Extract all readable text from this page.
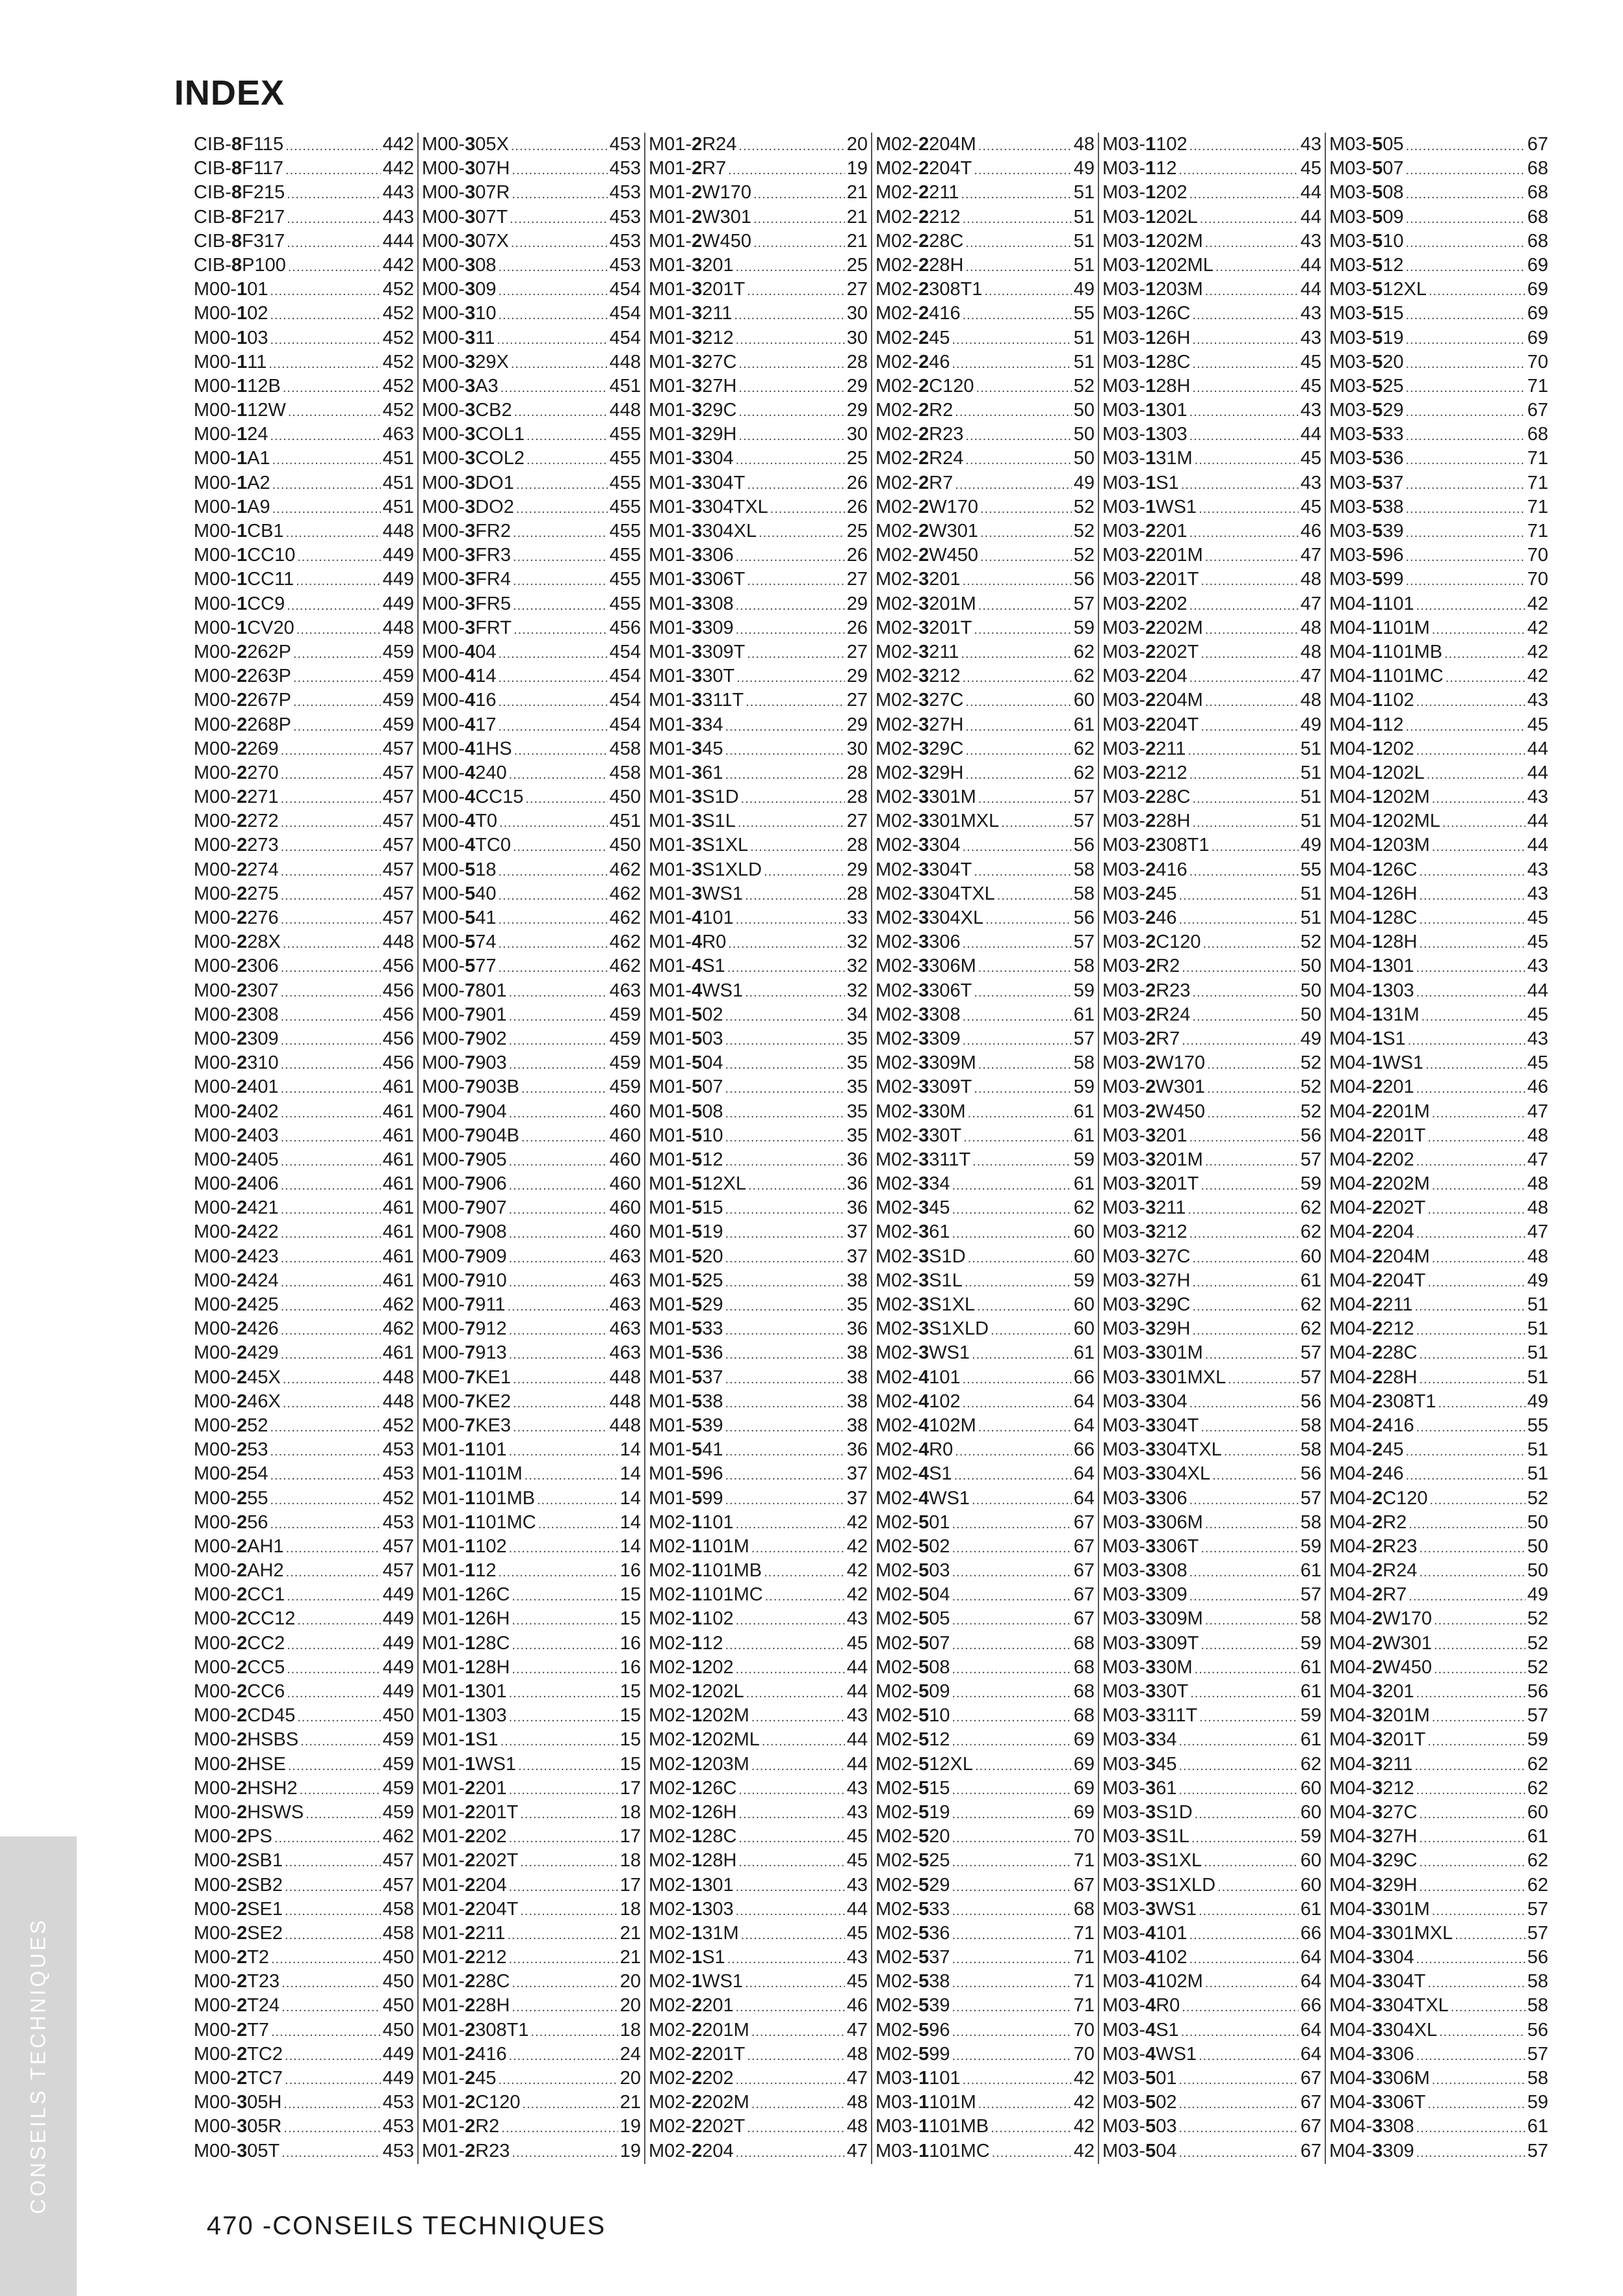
INDEX
CIB-8F115 .....	442
CIB-8F117 .....	442
CIB-8F215 .....	443
CIB-8F217 .....	443
CIB-8F317 .....	444
CIB-8P100 .....	442
M00-101 .....	452
M00-102 .....	452
M00-103 .....	452
M00-111 .....	452
M00-112B .....	452
M00-112W .....	452
M00-124 .....	463
M00-1A1 .....	451
M00-1A2 .....	451
M00-1A9 .....	451
M00-1CB1 .....	448
M00-1CC10 .....	449
M00-1CC11 .....	449
M00-1CC9 .....	449
M00-1CV20 .....	448
M00-2262P .....	459
M00-2263P .....	459
M00-2267P .....	459
M00-2268P .....	459
M00-2269 .....	457
M00-2270 .....	457
M00-2271 .....	457
M00-2272 .....	457
M00-2273 .....	457
M00-2274 .....	457
M00-2275 .....	457
M00-2276 .....	457
M00-228X .....	448
M00-2306 .....	456
M00-2307 .....	456
M00-2308 .....	456
M00-2309 .....	456
M00-2310 .....	456
M00-2401 .....	461
M00-2402 .....	461
M00-2403 .....	461
M00-2405 .....	461
M00-2406 .....	461
M00-2421 .....	461
M00-2422 .....	461
M00-2423 .....	461
M00-2424 .....	461
M00-2425 .....	462
M00-2426 .....	462
M00-2429 .....	461
M00-245X .....	448
M00-246X .....	448
M00-252 .....	452
M00-253 .....	453
M00-254 .....	453
M00-255 .....	452
M00-256 .....	453
M00-2AH1 .....	457
M00-2AH2 .....	457
M00-2CC1 .....	449
M00-2CC12 .....	449
M00-2CC2 .....	449
M00-2CC5 .....	449
M00-2CC6 .....	449
M00-2CD45 .....	450
M00-2HSBS .....	459
M00-2HSE .....	459
M00-2HSH2 .....	459
M00-2HSWS .....	459
M00-2PS .....	462
M00-2SB1 .....	457
M00-2SB2 .....	457
M00-2SE1 .....	458
M00-2SE2 .....	458
M00-2T2 .....	450
M00-2T23 .....	450
M00-2T24 .....	450
M00-2T7 .....	450
M00-2TC2 .....	449
M00-2TC7 .....	449
M00-305H .....	453
M00-305R .....	453
M00-305T .....	453
M00-305X .....	453
M00-307H .....	453
M00-307R .....	453
M00-307T .....	453
M00-307X .....	453
M00-308 .....	453
M00-309 .....	454
M00-310 .....	454
M00-311 .....	454
M00-329X .....	448
M00-3A3 .....	451
M00-3CB2 .....	448
M00-3COL1 .....	455
M00-3COL2 .....	455
M00-3DO1 .....	455
M00-3DO2 .....	455
M00-3FR2 .....	455
M00-3FR3 .....	455
M00-3FR4 .....	455
M00-3FR5 .....	455
M00-3FRT .....	456
M00-404 .....	454
M00-414 .....	454
M00-416 .....	454
M00-417 .....	454
M00-41HS .....	458
M00-4240 .....	458
M00-4CC15 .....	450
M00-4T0 .....	451
M00-4TC0 .....	450
M00-518 .....	462
M00-540 .....	462
M00-541 .....	462
M00-574 .....	462
M00-577 .....	462
M00-7801 .....	463
M00-7901 .....	459
M00-7902 .....	459
M00-7903 .....	459
M00-7903B .....	459
M00-7904 .....	460
M00-7904B .....	460
M00-7905 .....	460
M00-7906 .....	460
M00-7907 .....	460
M00-7908 .....	460
M00-7909 .....	463
M00-7910 .....	463
M00-7911 .....	463
M00-7912 .....	463
M00-7913 .....	463
M00-7KE1 .....	448
M00-7KE2 .....	448
M00-7KE3 .....	448
M01-1101 .....	14
M01-1101M .....	14
M01-1101MB .....	14
M01-1101MC .....	14
M01-1102 .....	14
M01-112 .....	16
M01-126C .....	15
M01-126H .....	15
M01-128C .....	16
M01-128H .....	16
M01-1301 .....	15
M01-1303 .....	15
M01-1S1 .....	15
M01-1WS1 .....	15
M01-2201 .....	17
M01-2201T .....	18
M01-2202 .....	17
M01-2202T .....	18
M01-2204 .....	17
M01-2204T .....	18
M01-2211 .....	21
M01-2212 .....	21
M01-228C .....	20
M01-228H .....	20
M01-2308T1 .....	18
M01-2416 .....	24
M01-245 .....	20
M01-2C120 .....	21
M01-2R2 .....	19
M01-2R23 .....	19
M01-2R24 .....	20
M01-2R7 .....	19
M01-2W170 .....	21
M01-2W301 .....	21
M01-2W450 .....	21
M01-3201 .....	25
M01-3201T .....	27
M01-3211 .....	30
M01-3212 .....	30
M01-327C .....	28
M01-327H .....	29
M01-329C .....	29
M01-329H .....	30
M01-3304 .....	25
M01-3304T .....	26
M01-3304TXL .....	26
M01-3304XL .....	25
M01-3306 .....	26
M01-3306T .....	27
M01-3308 .....	29
M01-3309 .....	26
M01-3309T .....	27
M01-330T .....	29
M01-3311T .....	27
M01-334 .....	29
M01-345 .....	30
M01-361 .....	28
M01-3S1D .....	28
M01-3S1L .....	27
M01-3S1XL .....	28
M01-3S1XLD .....	29
M01-3WS1 .....	28
M01-4101 .....	33
M01-4R0 .....	32
M01-4S1 .....	32
M01-4WS1 .....	32
M01-502 .....	34
M01-503 .....	35
M01-504 .....	35
M01-507 .....	35
M01-508 .....	35
M01-510 .....	35
M01-512 .....	36
M01-512XL .....	36
M01-515 .....	36
M01-519 .....	37
M01-520 .....	37
M01-525 .....	38
M01-529 .....	35
M01-533 .....	36
M01-536 .....	38
M01-537 .....	38
M01-538 .....	38
M01-539 .....	38
M01-541 .....	36
M01-596 .....	37
M01-599 .....	37
M02-1101 .....	42
M02-1101M .....	42
M02-1101MB .....	42
M02-1101MC .....	42
M02-1102 .....	43
M02-112 .....	45
M02-1202 .....	44
M02-1202L .....	44
M02-1202M .....	43
M02-1202ML .....	44
M02-1203M .....	44
M02-126C .....	43
M02-126H .....	43
M02-128C .....	45
M02-128H .....	45
M02-1301 .....	43
M02-1303 .....	44
M02-131M .....	45
M02-1S1 .....	43
M02-1WS1 .....	45
M02-2201 .....	46
M02-2201M .....	47
M02-2201T .....	48
M02-2202 .....	47
M02-2202M .....	48
M02-2202T .....	48
M02-2204 .....	47
M02-2204M .....	48
M02-2204T .....	49
M02-2211 .....	51
M02-2212 .....	51
M02-228C .....	51
M02-228H .....	51
M02-2308T1 .....	49
M02-2416 .....	55
M02-245 .....	51
M02-246 .....	51
M02-2C120 .....	52
M02-2R2 .....	50
M02-2R23 .....	50
M02-2R24 .....	50
M02-2R7 .....	49
M02-2W170 .....	52
M02-2W301 .....	52
M02-2W450 .....	52
M02-3201 .....	56
M02-3201M .....	57
M02-3201T .....	59
M02-3211 .....	62
M02-3212 .....	62
M02-327C .....	60
M02-327H .....	61
M02-329C .....	62
M02-329H .....	62
M02-3301M .....	57
M02-3301MXL .....	57
M02-3304 .....	56
M02-3304T .....	58
M02-3304TXL .....	58
M02-3304XL .....	56
M02-3306 .....	57
M02-3306M .....	58
M02-3306T .....	59
M02-3308 .....	61
M02-3309 .....	57
M02-3309M .....	58
M02-3309T .....	59
M02-330M .....	61
M02-330T .....	61
M02-3311T .....	59
M02-334 .....	61
M02-345 .....	62
M02-361 .....	60
M02-3S1D .....	60
M02-3S1L .....	59
M02-3S1XL .....	60
M02-3S1XLD .....	60
M02-3WS1 .....	61
M02-4101 .....	66
M02-4102 .....	64
M02-4102M .....	64
M02-4R0 .....	66
M02-4S1 .....	64
M02-4WS1 .....	64
M02-501 .....	67
M02-502 .....	67
M02-503 .....	67
M02-504 .....	67
M02-505 .....	67
M02-507 .....	68
M02-508 .....	68
M02-509 .....	68
M02-510 .....	68
M02-512 .....	69
M02-512XL .....	69
M02-515 .....	69
M02-519 .....	69
M02-520 .....	70
M02-525 .....	71
M02-529 .....	67
M02-533 .....	68
M02-536 .....	71
M02-537 .....	71
M02-538 .....	71
M02-539 .....	71
M02-596 .....	70
M02-599 .....	70
M03-1101 .....	42
M03-1101M .....	42
M03-1101MB .....	42
M03-1101MC .....	42
M03-1102 .....	43
M03-112 .....	45
M03-1202 .....	44
M03-1202L .....	44
M03-1202M .....	43
M03-1202ML .....	44
M03-1203M .....	44
M03-126C .....	43
M03-126H .....	43
M03-128C .....	45
M03-128H .....	45
M03-1301 .....	43
M03-1303 .....	44
M03-131M .....	45
M03-1S1 .....	43
M03-1WS1 .....	45
M03-2201 .....	46
M03-2201M .....	47
M03-2201T .....	48
M03-2202 .....	47
M03-2202M .....	48
M03-2202T .....	48
M03-2204 .....	47
M03-2204M .....	48
M03-2204T .....	49
M03-2211 .....	51
M03-2212 .....	51
M03-228C .....	51
M03-228H .....	51
M03-2308T1 .....	49
M03-2416 .....	55
M03-245 .....	51
M03-246 .....	51
M03-2C120 .....	52
M03-2R2 .....	50
M03-2R23 .....	50
M03-2R24 .....	50
M03-2R7 .....	49
M03-2W170 .....	52
M03-2W301 .....	52
M03-2W450 .....	52
M03-3201 .....	56
M03-3201M .....	57
M03-3201T .....	59
M03-3211 .....	62
M03-3212 .....	62
M03-327C .....	60
M03-327H .....	61
M03-329C .....	62
M03-329H .....	62
M03-3301M .....	57
M03-3301MXL .....	57
M03-3304 .....	56
M03-3304T .....	58
M03-3304TXL .....	58
M03-3304XL .....	56
M03-3306 .....	57
M03-3306M .....	58
M03-3306T .....	59
M03-3308 .....	61
M03-3309 .....	57
M03-3309M .....	58
M03-3309T .....	59
M03-330M .....	61
M03-330T .....	61
M03-3311T .....	59
M03-334 .....	61
M03-345 .....	62
M03-361 .....	60
M03-3S1D .....	60
M03-3S1L .....	59
M03-3S1XL .....	60
M03-3S1XLD .....	60
M03-3WS1 .....	61
M03-4101 .....	66
M03-4102 .....	64
M03-4102M .....	64
M03-4R0 .....	66
M03-4S1 .....	64
M03-4WS1 .....	64
M03-501 .....	67
M03-502 .....	67
M03-503 .....	67
M03-504 .....	67
M03-505 .....	67
M03-507 .....	68
M03-508 .....	68
M03-509 .....	68
M03-510 .....	68
M03-512 .....	69
M03-512XL .....	69
M03-515 .....	69
M03-519 .....	69
M03-520 .....	70
M03-525 .....	71
M03-529 .....	67
M03-533 .....	68
M03-536 .....	71
M03-537 .....	71
M03-538 .....	71
M03-539 .....	71
M03-596 .....	70
M03-599 .....	70
M04-1101 .....	42
M04-1101M .....	42
M04-1101MB .....	42
M04-1101MC .....	42
M04-1102 .....	43
M04-112 .....	45
M04-1202 .....	44
M04-1202L .....	44
M04-1202M .....	43
M04-1202ML .....	44
M04-1203M .....	44
M04-126C .....	43
M04-126H .....	43
M04-128C .....	45
M04-128H .....	45
M04-1301 .....	43
M04-1303 .....	44
M04-131M .....	45
M04-1S1 .....	43
M04-1WS1 .....	45
M04-2201 .....	46
M04-2201M .....	47
M04-2201T .....	48
M04-2202 .....	47
M04-2202M .....	48
M04-2202T .....	48
M04-2204 .....	47
M04-2204M .....	48
M04-2204T .....	49
M04-2211 .....	51
M04-2212 .....	51
M04-228C .....	51
M04-228H .....	51
M04-2308T1 .....	49
M04-2416 .....	55
M04-245 .....	51
M04-246 .....	51
M04-2C120 .....	52
M04-2R2 .....	50
M04-2R23 .....	50
M04-2R24 .....	50
M04-2R7 .....	49
M04-2W170 .....	52
M04-2W301 .....	52
M04-2W450 .....	52
M04-3201 .....	56
M04-3201M .....	57
M04-3201T .....	59
M04-3211 .....	62
M04-3212 .....	62
M04-327C .....	60
M04-327H .....	61
M04-329C .....	62
M04-329H .....	62
M04-3301M .....	57
M04-3301MXL .....	57
M04-3304 .....	56
M04-3304T .....	58
M04-3304TXL .....	58
M04-3304XL .....	56
M04-3306 .....	57
M04-3306M .....	58
M04-3306T .....	59
M04-3308 .....	61
M04-3309 .....	57
CONSEILS TECHNIQUES
470 -CONSEILS TECHNIQUES
